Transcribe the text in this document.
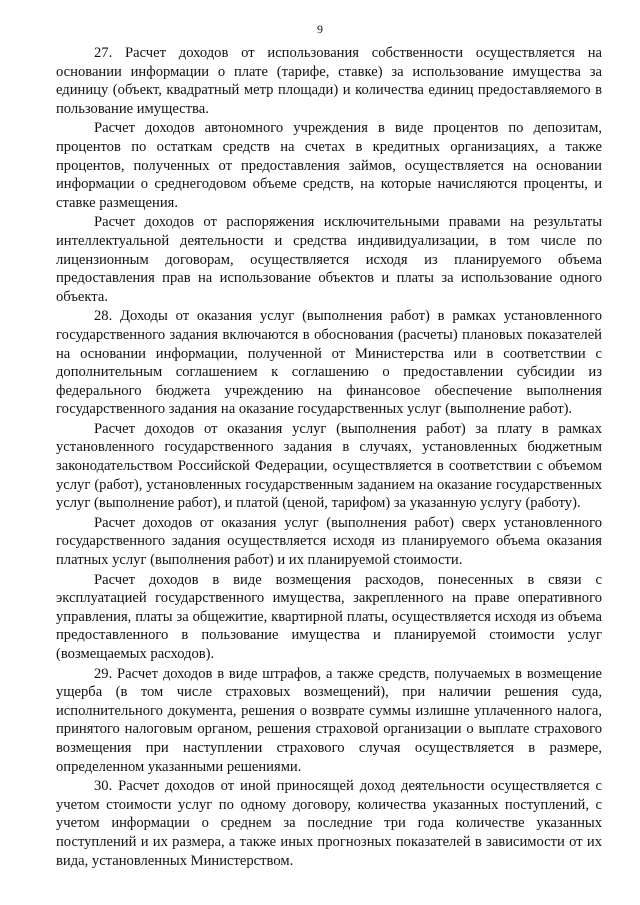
9

27. Расчет доходов от использования собственности осуществляется на основании информации о плате (тарифе, ставке) за использование имущества за единицу (объект, квадратный метр площади) и количества единиц предоставляемого в пользование имущества.

Расчет доходов автономного учреждения в виде процентов по депозитам, процентов по остаткам средств на счетах в кредитных организациях, а также процентов, полученных от предоставления займов, осуществляется на основании информации о среднегодовом объеме средств, на которые начисляются проценты, и ставке размещения.

Расчет доходов от распоряжения исключительными правами на результаты интеллектуальной деятельности и средства индивидуализации, в том числе по лицензионным договорам, осуществляется исходя из планируемого объема предоставления прав на использование объектов и платы за использование одного объекта.

28. Доходы от оказания услуг (выполнения работ) в рамках установленного государственного задания включаются в обоснования (расчеты) плановых показателей на основании информации, полученной от Министерства или в соответствии с дополнительным соглашением к соглашению о предоставлении субсидии из федерального бюджета учреждению на финансовое обеспечение выполнения государственного задания на оказание государственных услуг (выполнение работ).

Расчет доходов от оказания услуг (выполнения работ) за плату в рамках установленного государственного задания в случаях, установленных бюджетным законодательством Российской Федерации, осуществляется в соответствии с объемом услуг (работ), установленных государственным заданием на оказание государственных услуг (выполнение работ), и платой (ценой, тарифом) за указанную услугу (работу).

Расчет доходов от оказания услуг (выполнения работ) сверх установленного государственного задания осуществляется исходя из планируемого объема оказания платных услуг (выполнения работ) и их планируемой стоимости.

Расчет доходов в виде возмещения расходов, понесенных в связи с эксплуатацией государственного имущества, закрепленного на праве оперативного управления, платы за общежитие, квартирной платы, осуществляется исходя из объема предоставленного в пользование имущества и планируемой стоимости услуг (возмещаемых расходов).

29. Расчет доходов в виде штрафов, а также средств, получаемых в возмещение ущерба (в том числе страховых возмещений), при наличии решения суда, исполнительного документа, решения о возврате суммы излишне уплаченного налога, принятого налоговым органом, решения страховой организации о выплате страхового возмещения при наступлении страхового случая осуществляется в размере, определенном указанными решениями.

30. Расчет доходов от иной приносящей доход деятельности осуществляется с учетом стоимости услуг по одному договору, количества указанных поступлений, с учетом информации о среднем за последние три года количестве указанных поступлений и их размера, а также иных прогнозных показателей в зависимости от их вида, установленных Министерством.
